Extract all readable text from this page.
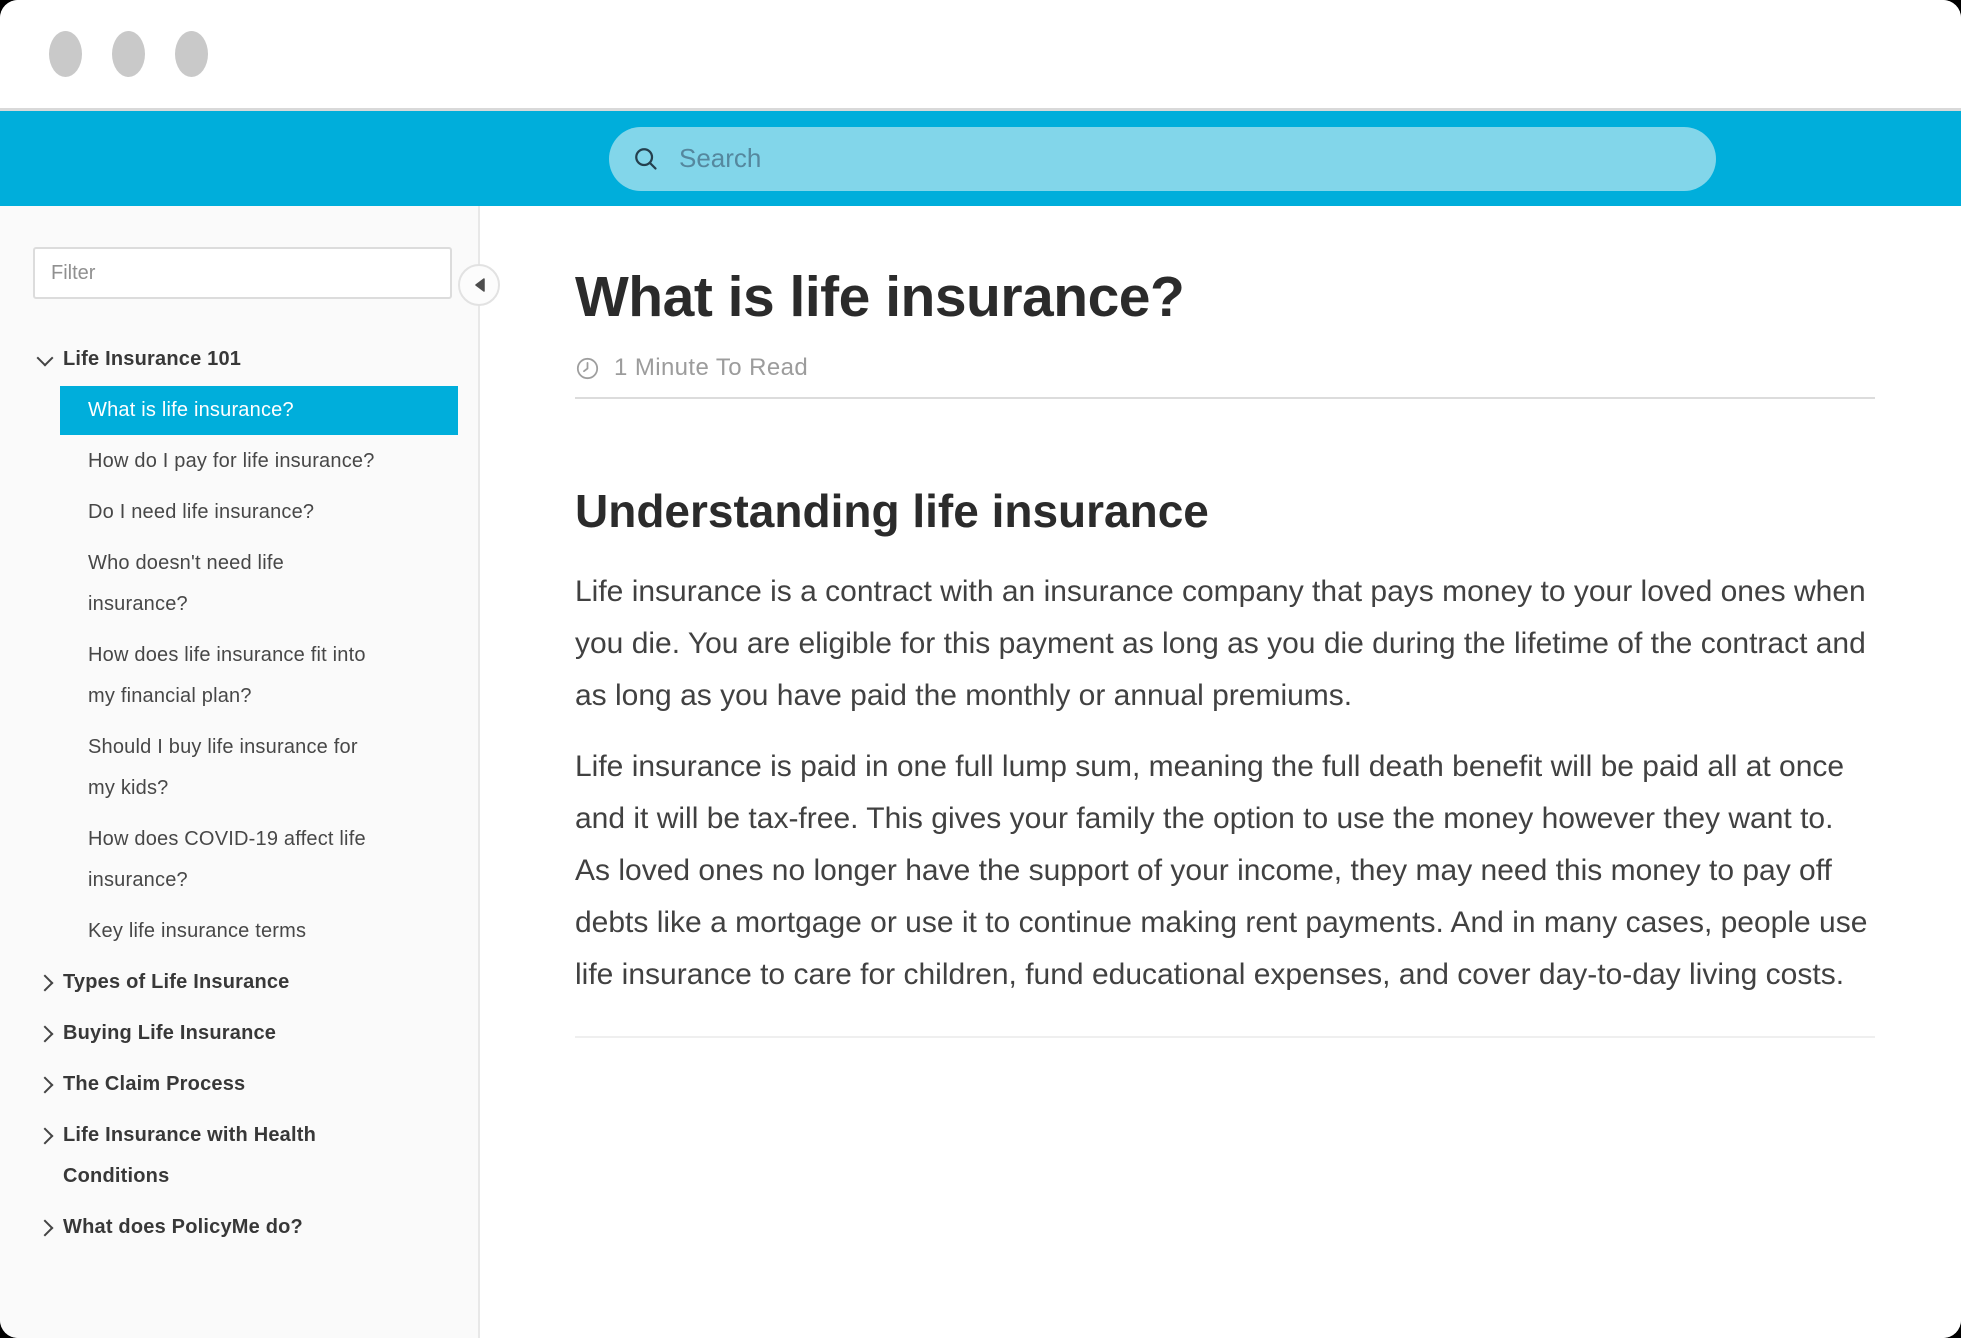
Search
Filter
Life Insurance 101
What is life insurance?
How do I pay for life insurance?
Do I need life insurance?
Who doesn't need life insurance?
How does life insurance fit into my financial plan?
Should I buy life insurance for my kids?
How does COVID-19 affect life insurance?
Key life insurance terms
Types of Life Insurance
Buying Life Insurance
The Claim Process
Life Insurance with Health Conditions
What does PolicyMe do?
What is life insurance?
1 Minute To Read
Understanding life insurance

Life insurance is a contract with an insurance company that pays money to your loved ones when you die. You are eligible for this payment as long as you die during the lifetime of the contract and as long as you have paid the monthly or annual premiums.

Life insurance is paid in one full lump sum, meaning the full death benefit will be paid all at once and it will be tax-free. This gives your family the option to use the money however they want to. As loved ones no longer have the support of your income, they may need this money to pay off debts like a mortgage or use it to continue making rent payments. And in many cases, people use life insurance to care for children, fund educational expenses, and cover day-to-day living costs.
